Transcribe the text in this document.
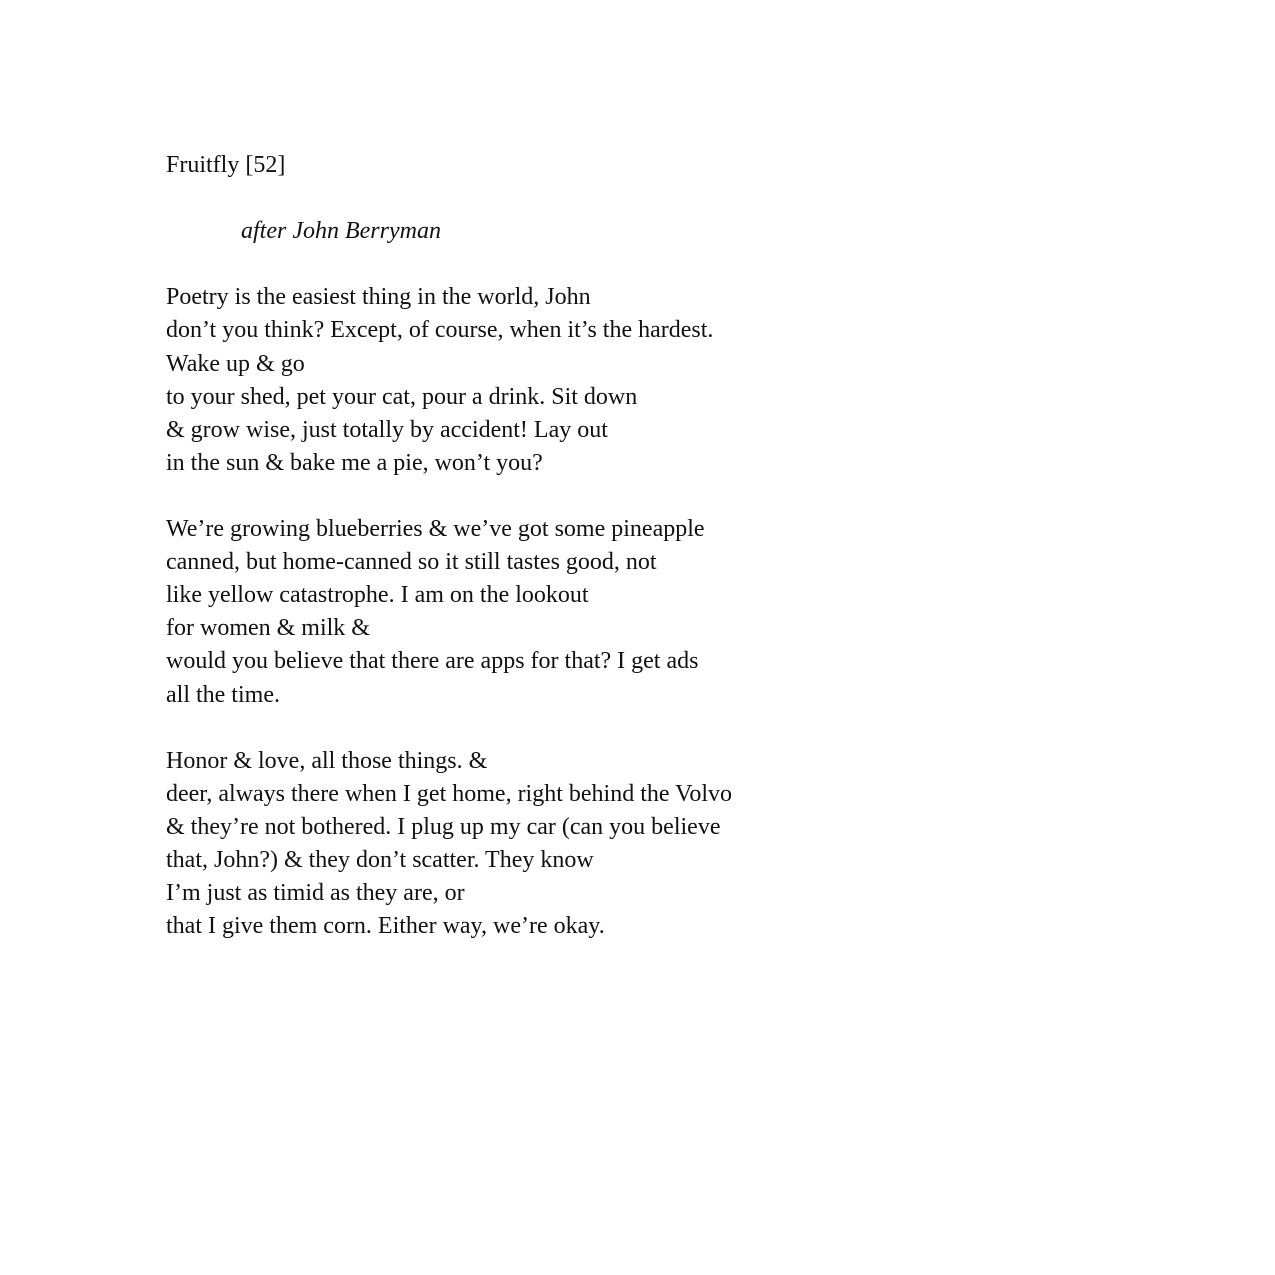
Fruitfly [52]
after John Berryman
Poetry is the easiest thing in the world, John
don’t you think? Except, of course, when it’s the hardest.
Wake up & go
to your shed, pet your cat, pour a drink. Sit down
& grow wise, just totally by accident! Lay out
in the sun & bake me a pie, won’t you?
We’re growing blueberries & we’ve got some pineapple
canned, but home-canned so it still tastes good, not
like yellow catastrophe. I am on the lookout
for women & milk &
would you believe that there are apps for that? I get ads
all the time.
Honor & love, all those things. &
deer, always there when I get home, right behind the Volvo
& they’re not bothered. I plug up my car (can you believe
that, John?) & they don’t scatter. They know
I’m just as timid as they are, or
that I give them corn. Either way, we’re okay.
